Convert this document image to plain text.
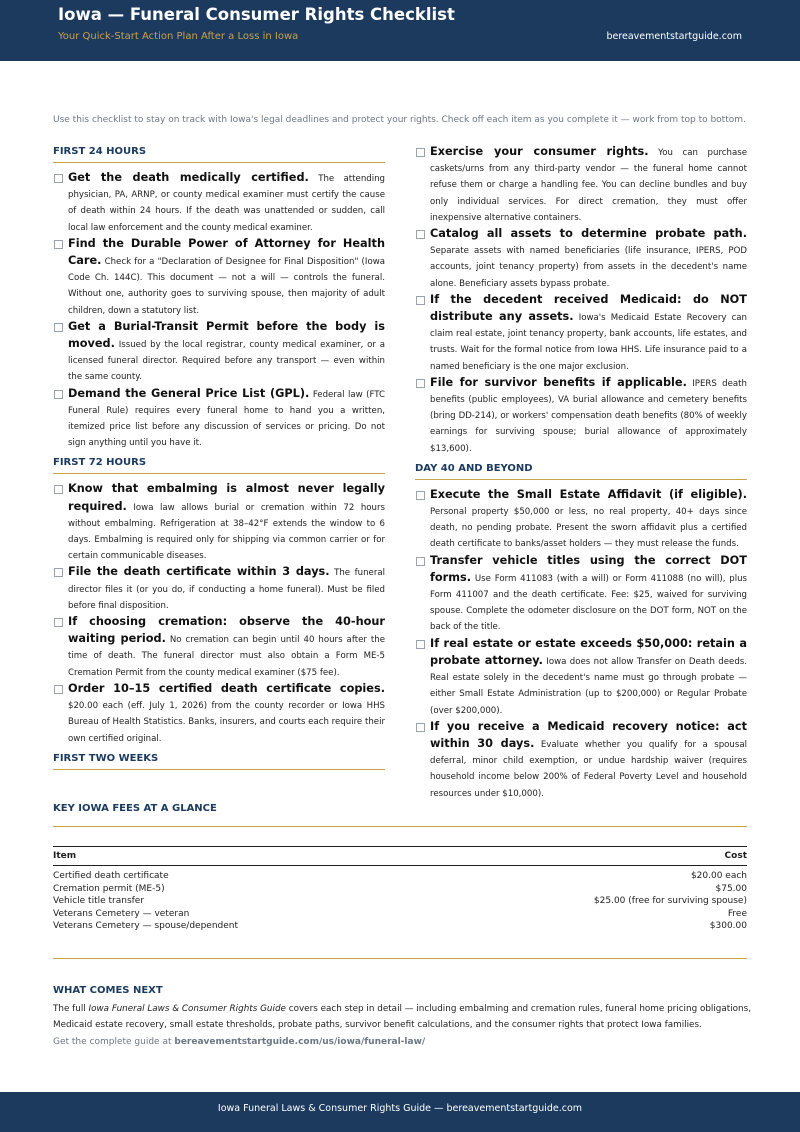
Iowa — Funeral Consumer Rights Checklist
Your Quick-Start Action Plan After a Loss in Iowa	bereavementstartguide.com
Use this checklist to stay on track with Iowa's legal deadlines and protect your rights. Check off each item as you complete it — work from top to bottom.
FIRST 24 HOURS
Get the death medically certified. The attending physician, PA, ARNP, or county medical examiner must certify the cause of death within 24 hours. If the death was unattended or sudden, call local law enforcement and the county medical examiner.
Find the Durable Power of Attorney for Health Care. Check for a "Declaration of Designee for Final Disposition" (Iowa Code Ch. 144C). This document — not a will — controls the funeral. Without one, authority goes to surviving spouse, then majority of adult children, down a statutory list.
Get a Burial-Transit Permit before the body is moved. Issued by the local registrar, county medical examiner, or a licensed funeral director. Required before any transport — even within the same county.
Demand the General Price List (GPL). Federal law (FTC Funeral Rule) requires every funeral home to hand you a written, itemized price list before any discussion of services or pricing. Do not sign anything until you have it.
FIRST 72 HOURS
Know that embalming is almost never legally required. Iowa law allows burial or cremation within 72 hours without embalming. Refrigeration at 38–42°F extends the window to 6 days. Embalming is required only for shipping via common carrier or for certain communicable diseases.
File the death certificate within 3 days. The funeral director files it (or you do, if conducting a home funeral). Must be filed before final disposition.
If choosing cremation: observe the 40-hour waiting period. No cremation can begin until 40 hours after the time of death. The funeral director must also obtain a Form ME-5 Cremation Permit from the county medical examiner ($75 fee).
Order 10–15 certified death certificate copies. $20.00 each (eff. July 1, 2026) from the county recorder or Iowa HHS Bureau of Health Statistics. Banks, insurers, and courts each require their own certified original.
FIRST TWO WEEKS
Exercise your consumer rights. You can purchase caskets/urns from any third-party vendor — the funeral home cannot refuse them or charge a handling fee. You can decline bundles and buy only individual services. For direct cremation, they must offer inexpensive alternative containers.
Catalog all assets to determine probate path. Separate assets with named beneficiaries (life insurance, IPERS, POD accounts, joint tenancy property) from assets in the decedent's name alone. Beneficiary assets bypass probate.
If the decedent received Medicaid: do NOT distribute any assets. Iowa's Medicaid Estate Recovery can claim real estate, joint tenancy property, bank accounts, life estates, and trusts. Wait for the formal notice from Iowa HHS. Life insurance paid to a named beneficiary is the one major exclusion.
File for survivor benefits if applicable. IPERS death benefits (public employees), VA burial allowance and cemetery benefits (bring DD-214), or workers' compensation death benefits (80% of weekly earnings for surviving spouse; burial allowance of approximately $13,600).
DAY 40 AND BEYOND
Execute the Small Estate Affidavit (if eligible). Personal property $50,000 or less, no real property, 40+ days since death, no pending probate. Present the sworn affidavit plus a certified death certificate to banks/asset holders — they must release the funds.
Transfer vehicle titles using the correct DOT forms. Use Form 411083 (with a will) or Form 411088 (no will), plus Form 411007 and the death certificate. Fee: $25, waived for surviving spouse. Complete the odometer disclosure on the DOT form, NOT on the back of the title.
If real estate or estate exceeds $50,000: retain a probate attorney. Iowa does not allow Transfer on Death deeds. Real estate solely in the decedent's name must go through probate — either Small Estate Administration (up to $200,000) or Regular Probate (over $200,000).
If you receive a Medicaid recovery notice: act within 30 days. Evaluate whether you qualify for a spousal deferral, minor child exemption, or undue hardship waiver (requires household income below 200% of Federal Poverty Level and household resources under $10,000).
KEY IOWA FEES AT A GLANCE
Item	Cost
Certified death certificate	$20.00 each
Cremation permit (ME-5)	$75.00
Vehicle title transfer	$25.00 (free for surviving spouse)
Veterans Cemetery — veteran	Free
Veterans Cemetery — spouse/dependent	$300.00
WHAT COMES NEXT
The full Iowa Funeral Laws & Consumer Rights Guide covers each step in detail — including embalming and cremation rules, funeral home pricing obligations, Medicaid estate recovery, small estate thresholds, probate paths, survivor benefit calculations, and the consumer rights that protect Iowa families.
Get the complete guide at bereavementstartguide.com/us/iowa/funeral-law/
Iowa Funeral Laws & Consumer Rights Guide — bereavementstartguide.com
